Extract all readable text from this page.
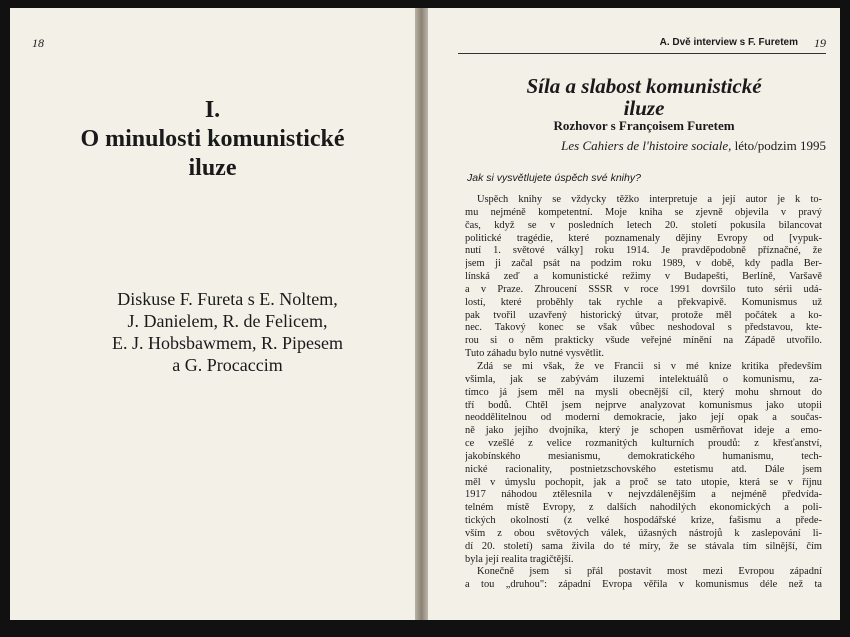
18
I.
O minulosti komunistické
iluze
Diskuse F. Fureta s E. Noltem,
J. Danielem, R. de Felicem,
E. J. Hobsbawmem, R. Pipesem
a G. Procaccim
A. Dvě interview s F. Furetem 19
Síla a slabost komunistické
iluze
Rozhovor s Françoisem Furetem
Les Cahiers de l'histoire sociale, léto/podzim 1995
Jak si vysvětlujete úspěch své knihy?
Úspěch knihy se vždycky těžko interpretuje a její autor je k to-
mu nejméně kompetentní. Moje kniha se zjevně objevila v pravý
čas, když se v posledních letech 20. století pokusila bilancovat
politické tragédie, které poznamenaly dějiny Evropy od [vypuk-
nutí 1. světové války] roku 1914. Je pravděpodobně příznačné, že
jsem ji začal psát na podzim roku 1989, v době, kdy padla Ber-
línská zeď a komunistické režimy v Budapešti, Berlíně, Varšavě
a v Praze. Zhroucení SSSR v roce 1991 dovršilo tuto sérii udá-
lostí, které proběhly tak rychle a překvapivě. Komunismus už
pak tvořil uzavřený historický útvar, protože měl počátek a ko-
nec. Takový konec se však vůbec neshodoval s představou, kte-
rou si o něm prakticky všude veřejné mínění na Západě utvořilo.
Tuto záhadu bylo nutné vysvětlit.
Zdá se mi však, že ve Francii si v mé knize kritika především
všimla, jak se zabývám iluzemi intelektuálů o komunismu, za-
tímco já jsem měl na mysli obecnější cíl, který mohu shrnout do
tří bodů. Chtěl jsem nejprve analyzovat komunismus jako utopii
neoddělitelnou od moderní demokracie, jako její opak a součas-
ně jako jejího dvojníka, který je schopen usměrňovat ideje a emo-
ce vzešlé z velice rozmanitých kulturních proudů: z křesťanství,
jakobínského mesianismu, demokratického humanismu, tech-
nické racionality, postnietzschovského estetismu atd. Dále jsem
měl v úmyslu pochopit, jak a proč se tato utopie, která se v říjnu
1917 náhodou ztělesnila v nejvzdálenějším a nejméně předvída-
telném místě Evropy, z dalších nahodilých ekonomických a poli-
tických okolností (z velké hospodářské krize, fašismu a přede-
vším z obou světových válek, úžasných nástrojů k zaslepování li-
dí 20. století) sama živila do té míry, že se stávala tím silnější, čím
byla její realita tragičtější.
Konečně jsem si přál postavit most mezi Evropou západní
a tou „druhou": západní Evropa věřila v komunismus déle než ta
